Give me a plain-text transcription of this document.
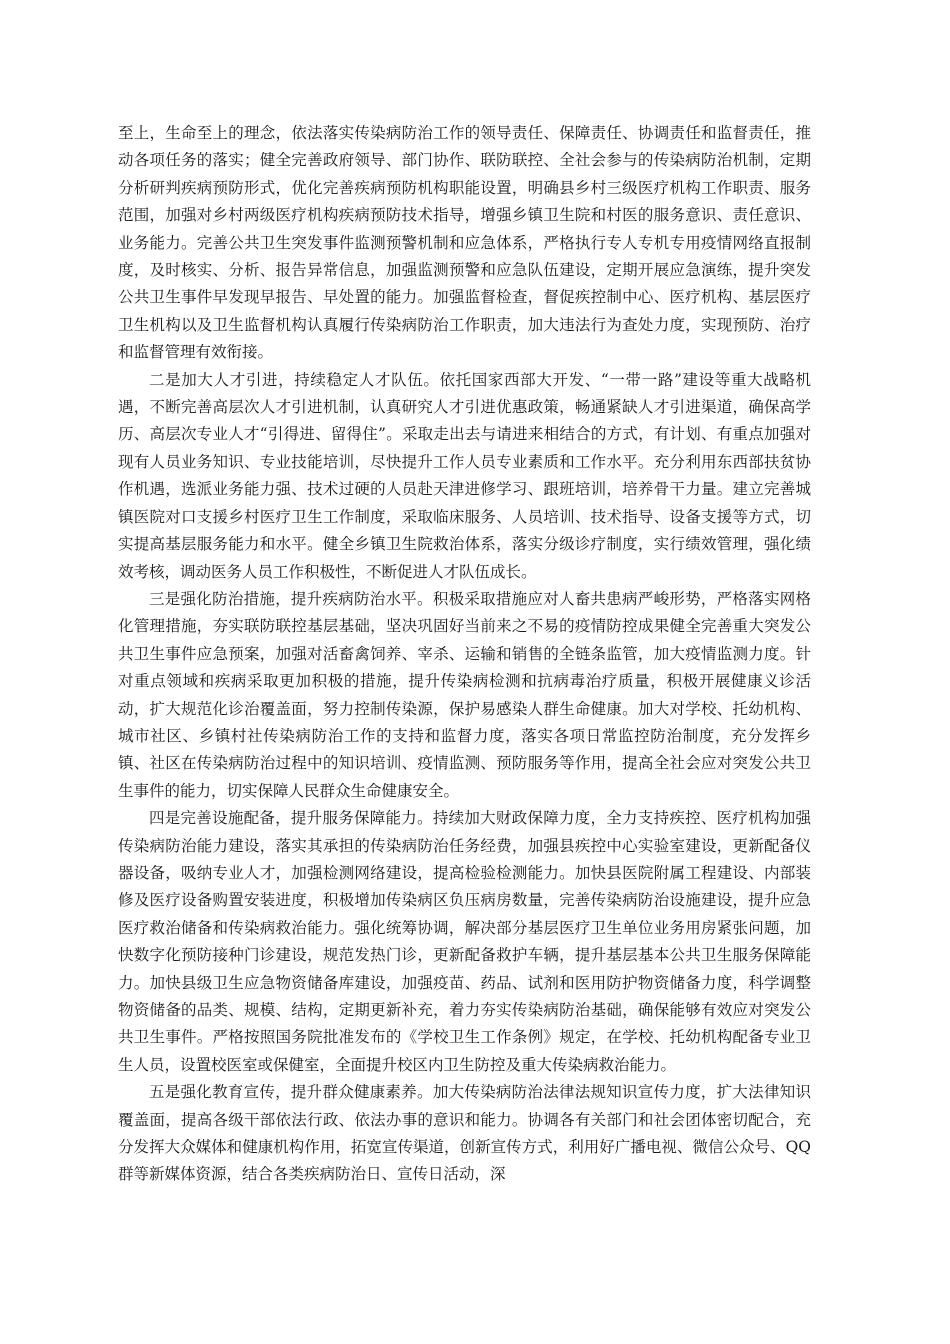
至上，生命至上的理念，依法落实传染病防治工作的领导责任、保障责任、协调责任和监督责任，推动各项任务的落实；健全完善政府领导、部门协作、联防联控、全社会参与的传染病防治机制，定期分析研判疾病预防形式，优化完善疾病预防机构职能设置，明确县乡村三级医疗机构工作职责、服务范围，加强对乡村两级医疗机构疾病预防技术指导，增强乡镇卫生院和村医的服务意识、责任意识、业务能力。完善公共卫生突发事件监测预警机制和应急体系，严格执行专人专机专用疫情网络直报制度，及时核实、分析、报告异常信息，加强监测预警和应急队伍建设，定期开展应急演练，提升突发公共卫生事件早发现早报告、早处置的能力。加强监督检查，督促疾控制中心、医疗机构、基层医疗卫生机构以及卫生监督机构认真履行传染病防治工作职责，加大违法行为查处力度，实现预防、治疗和监督管理有效衔接。

二是加大人才引进，持续稳定人才队伍。依托国家西部大开发、“一带一路”建设等重大战略机遇，不断完善高层次人才引进机制，认真研究人才引进优惠政策，畅通紧缺人才引进渠道，确保高学历、高层次专业人才“引得进、留得住”。采取走出去与请进来相结合的方式，有计划、有重点加强对现有人员业务知识、专业技能培训，尽快提升工作人员专业素质和工作水平。充分利用东西部扶贫协作机遇，选派业务能力强、技术过硬的人员赴天津进修学习、跟班培训，培养骨干力量。建立完善城镇医院对口支援乡村医疗卫生工作制度，采取临床服务、人员培训、技术指导、设备支援等方式，切实提高基层服务能力和水平。健全乡镇卫生院救治体系，落实分级诊疗制度，实行绩效管理，强化绩效考核，调动医务人员工作积极性，不断促进人才队伍成长。

三是强化防治措施，提升疾病防治水平。积极采取措施应对人畜共患病严峻形势，严格落实网格化管理措施，夯实联防联控基层基础，坚决巩固好当前来之不易的疫情防控成果健全完善重大突发公共卫生事件应急预案，加强对活畜禽饲养、宰杀、运输和销售的全链条监管，加大疫情监测力度。针对重点领域和疾病采取更加积极的措施，提升传染病检测和抗病毒治疗质量，积极开展健康义诊活动，扩大规范化诊治覆盖面，努力控制传染源，保护易感染人群生命健康。加大对学校、托幼机构、城市社区、乡镇村社传染病防治工作的支持和监督力度，落实各项日常监控防治制度，充分发挥乡镇、社区在传染病防治过程中的知识培训、疫情监测、预防服务等作用，提高全社会应对突发公共卫生事件的能力，切实保障人民群众生命健康安全。

四是完善设施配备，提升服务保障能力。持续加大财政保障力度，全力支持疾控、医疗机构加强传染病防治能力建设，落实其承担的传染病防治任务经费，加强县疾控中心实验室建设，更新配备仪器设备，吸纳专业人才，加强检测网络建设，提高检验检测能力。加快县医院附属工程建设、内部装修及医疗设备购置安装进度，积极增加传染病区负压病房数量，完善传染病防治设施建设，提升应急医疗救治储备和传染病救治能力。强化统筹协调，解决部分基层医疗卫生单位业务用房紧张问题，加快数字化预防接种门诊建设，规范发热门诊，更新配备救护车辆，提升基层基本公共卫生服务保障能力。加快县级卫生应急物资储备库建设，加强疫苗、药品、试剂和医用防护物资储备力度，科学调整物资储备的品类、规模、结构，定期更新补充，着力夯实传染病防治基础，确保能够有效应对突发公共卫生事件。严格按照国务院批准发布的《学校卫生工作条例》规定，在学校、托幼机构配备专业卫生人员，设置校医室或保健室，全面提升校区内卫生防控及重大传染病救治能力。

五是强化教育宣传，提升群众健康素养。加大传染病防治法律法规知识宣传力度，扩大法律知识覆盖面，提高各级干部依法行政、依法办事的意识和能力。协调各有关部门和社会团体密切配合，充分发挥大众媒体和健康机构作用，拓宽宣传渠道，创新宣传方式，利用好广播电视、微信公众号、QQ群等新媒体资源，结合各类疾病防治日、宣传日活动，深
